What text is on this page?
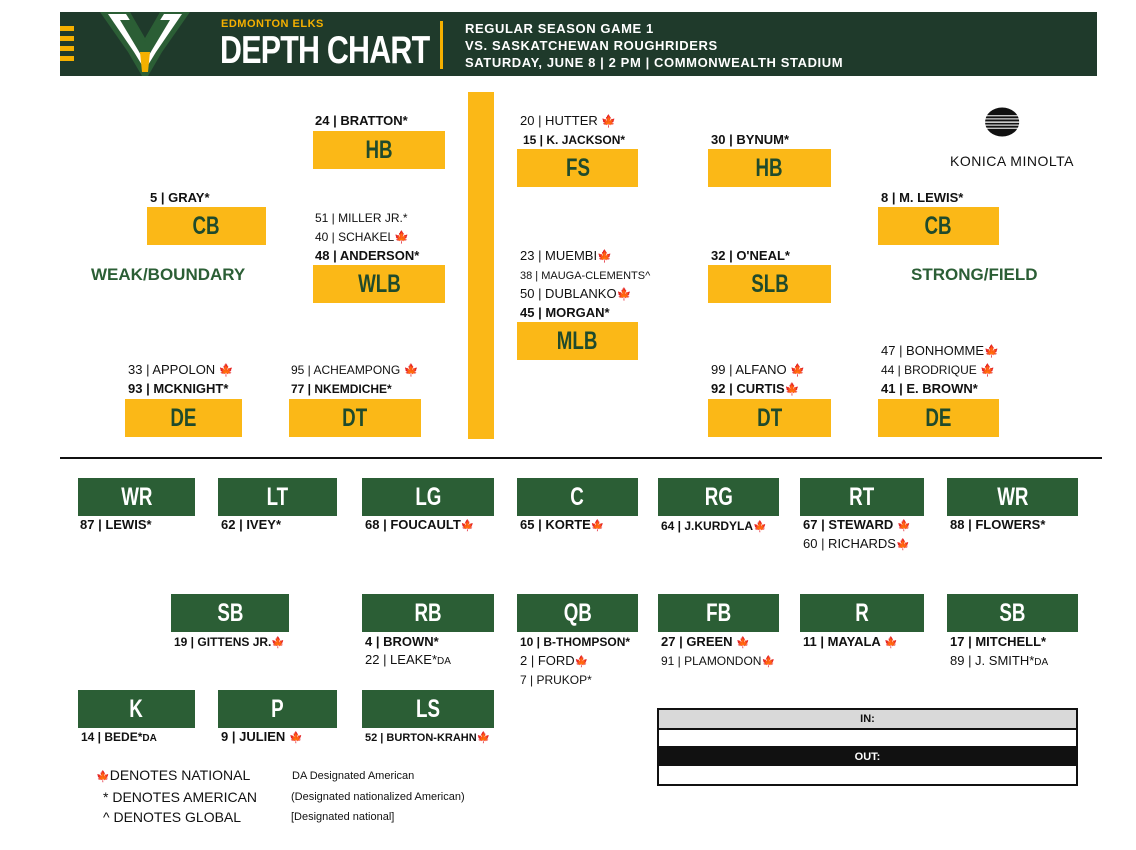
EDMONTON ELKS
DEPTH CHART
REGULAR SEASON GAME 1
VS. SASKATCHEWAN ROUGHRIDERS
SATURDAY, JUNE 8 | 2 PM | COMMONWEALTH STADIUM
KONICA MINOLTA
WEAK/BOUNDARY	STRONG/FIELD
24 | BRATTON*
HB
20 | HUTTER 🍁
15 | K. JACKSON*
FS
30 | BYNUM*
HB
5 | GRAY*
CB
8 | M. LEWIS*
CB
51 | MILLER JR.*
40 | SCHAKEL🍁
48 | ANDERSON*
WLB
23 | MUEMBI🍁
38 | MAUGA-CLEMENTS^
50 | DUBLANKO🍁
45 | MORGAN*
MLB
32 | O'NEAL*
SLB
33 | APPOLON 🍁
93 | MCKNIGHT*
DE
95 | ACHEAMPONG 🍁
77 | NKEMDICHE*
DT
99 | ALFANO 🍁
92 | CURTIS🍁
DT
47 | BONHOMME🍁
44 | BRODRIQUE 🍁
41 | E. BROWN*
DE
WR
87 | LEWIS*
LT
62 | IVEY*
LG
68 | FOUCAULT🍁
C
65 | KORTE🍁
RG
64 | J.KURDYLA🍁
RT
67 | STEWARD 🍁
60 | RICHARDS🍁
WR
88 | FLOWERS*
SB
19 | GITTENS JR.🍁
RB
4 | BROWN*
22 | LEAKE*DA
QB
10 | B-THOMPSON*
2 | FORD🍁
7 | PRUKOP*
FB
27 | GREEN 🍁
91 | PLAMONDON🍁
R
11 | MAYALA 🍁
SB
17 | MITCHELL*
89 | J. SMITH*DA
K
14 | BEDE*DA
P
9 | JULIEN 🍁
LS
52 | BURTON-KRAHN🍁
IN:
OUT:
🍁DENOTES NATIONAL
* DENOTES AMERICAN
^ DENOTES GLOBAL
DA Designated American
(Designated nationalized American)
[Designated national]
